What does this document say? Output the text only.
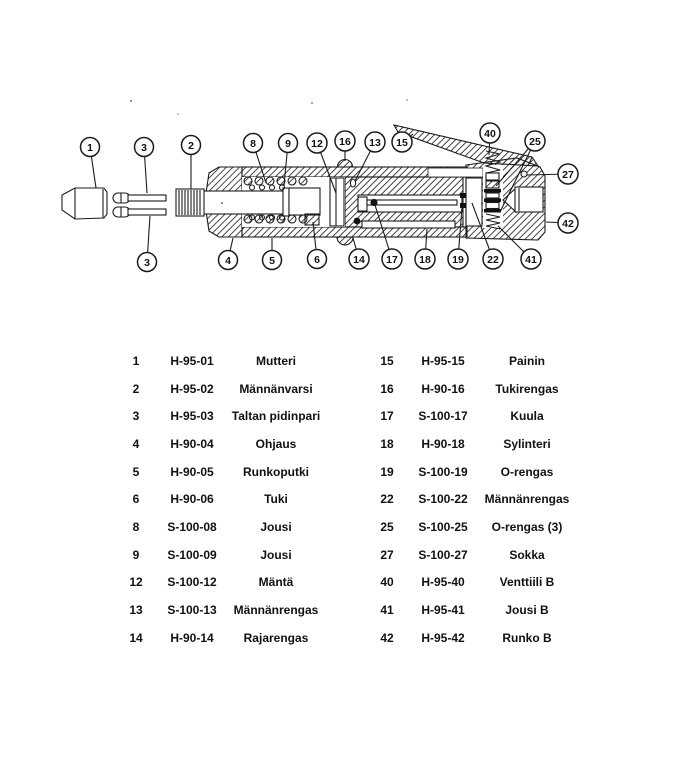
1	3	2	8	9 12 16 13 15
40
25
27
42
3	4	5	6	14 17 18 19 22	41
1	H-95-01	Mutteri
2	H-95-02	Männänvarsi
3	H-95-03	Taltan pidinpari
4	H-90-04	Ohjaus
5	H-90-05	Runkoputki
6	H-90-06	Tuki
8	S-100-08	Jousi
9	S-100-09	Jousi
12	S-100-12	Mäntä
13	S-100-13	Männänrengas
14	H-90-14	Rajarengas
15	H-95-15	Painin
16	H-90-16	Tukirengas
17	S-100-17	Kuula
18	H-90-18	Sylinteri
19	S-100-19	O-rengas
22	S-100-22	Männänrengas
25	S-100-25	O-rengas (3)
27	S-100-27	Sokka
40	H-95-40	Venttiili B
41	H-95-41	Jousi B
42	H-95-42	Runko B
